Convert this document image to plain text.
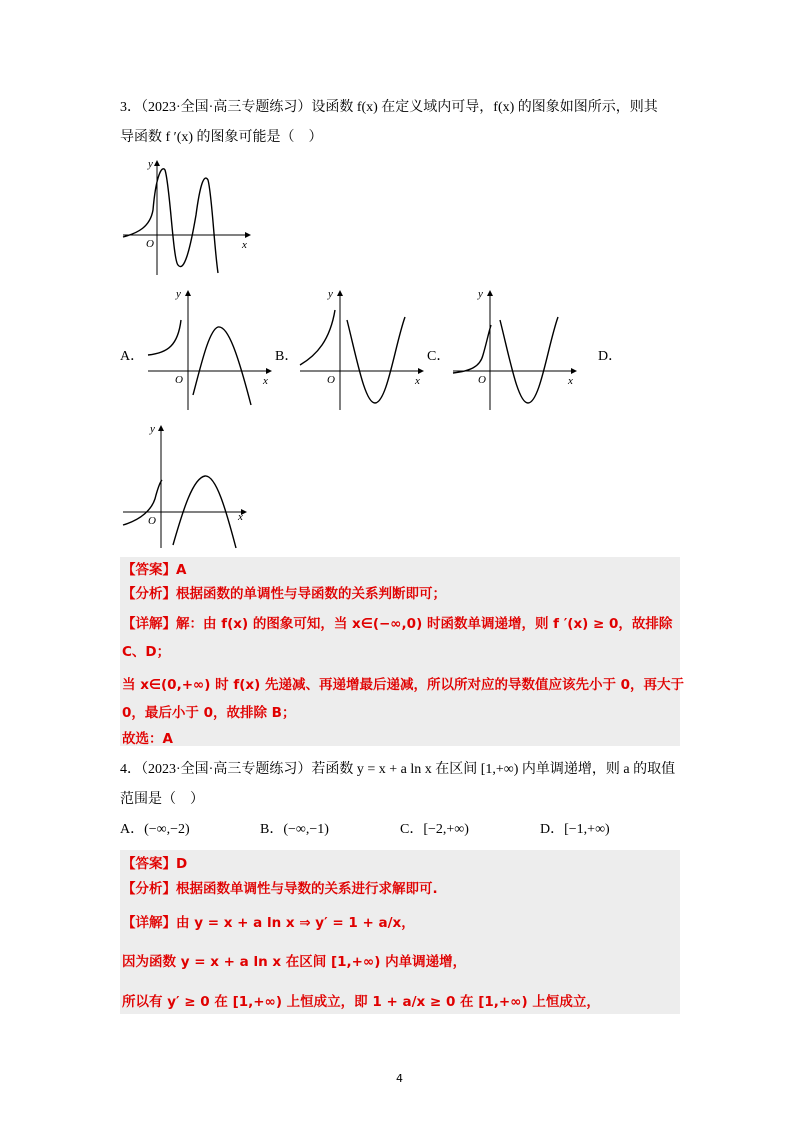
3．（2023·全国·高三专题练习）设函数 f(x) 在定义域内可导，f(x) 的图象如图所示，则其
导函数 f ′(x) 的图象可能是（　）
O	x
y
A．
O	x
y
B．
O	x
y
C．
O	x
y
D．
O	x
y
【答案】A
【分析】根据函数的单调性与导函数的关系判断即可；
【详解】解：由 f(x) 的图象可知，当 x∈(−∞,0) 时函数单调递增，则 f ′(x) ≥ 0，故排除
C、D；
当 x∈(0,+∞) 时 f(x) 先递减、再递增最后递减，所以所对应的导数值应该先小于 0，再大于
0，最后小于 0，故排除 B；
故选：A
4．（2023·全国·高三专题练习）若函数 y = x + a ln x 在区间 [1,+∞) 内单调递增，则 a 的取值
范围是（　）
A．(−∞,−2)	B．(−∞,−1)	C．[−2,+∞)	D．[−1,+∞)
【答案】D
【分析】根据函数单调性与导数的关系进行求解即可.
【详解】由 y = x + a ln x ⇒ y′ = 1 + a/x，
因为函数 y = x + a ln x 在区间 [1,+∞) 内单调递增，
所以有 y′ ≥ 0 在 [1,+∞) 上恒成立，即 1 + a/x ≥ 0 在 [1,+∞) 上恒成立，
4
